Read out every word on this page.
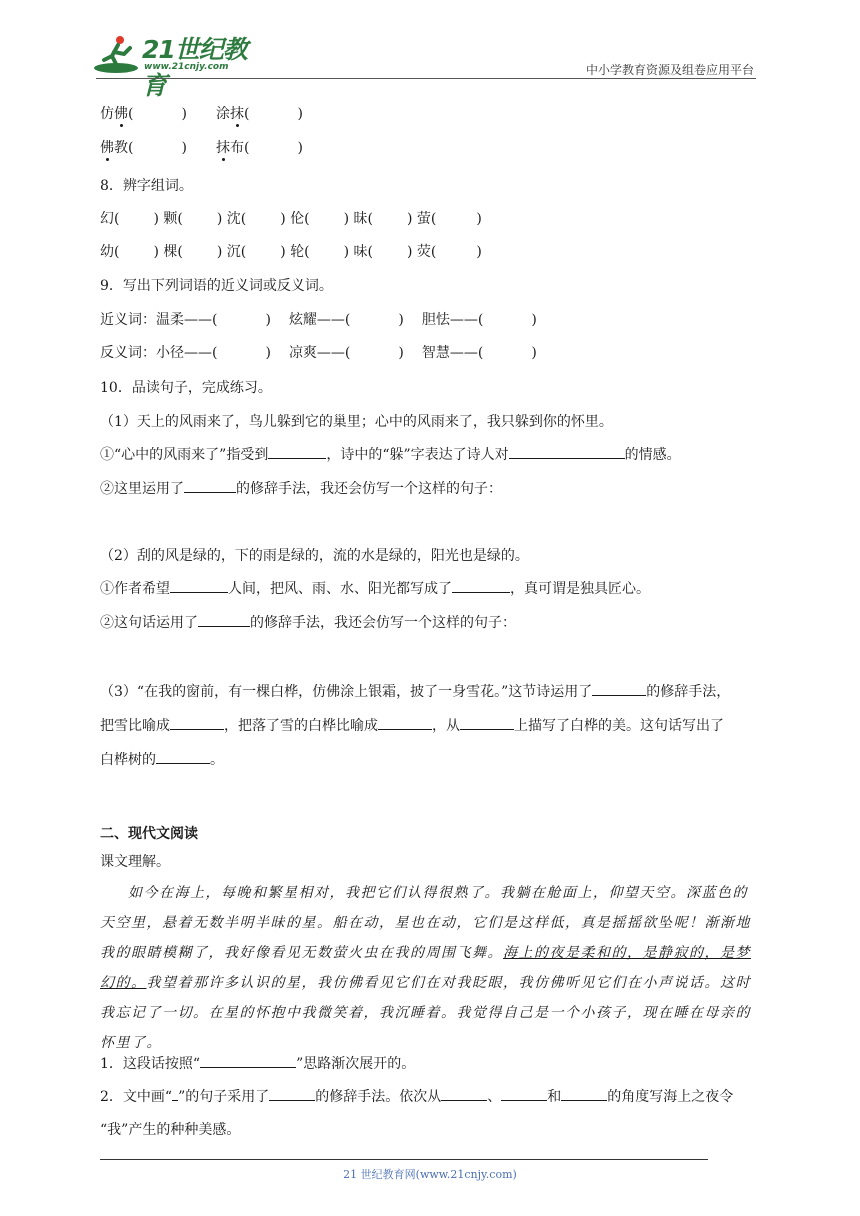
21世纪教育
www.21cnjy.com	中小学教育资源及组卷应用平台
仿佛(	) 涂抹(	)
佛教(	) 抹布(	)
8．辨字组词。
幻( ) 颗( ) 沈( ) 伦( ) 昧( ) 萤(	)
幼( ) 棵( ) 沉( ) 轮( ) 味( ) 荧(	)
9．写出下列词语的近义词或反义词。
近义词：温柔——(	) 炫耀——(	) 胆怯——(	)
反义词：小径——(	) 凉爽——(	) 智慧——(	)
10．品读句子，完成练习。
（1）天上的风雨来了，鸟儿躲到它的巢里；心中的风雨来了，我只躲到你的怀里。
①“心中的风雨来了”指受到	，诗中的“躲”字表达了诗人对	的情感。
②这里运用了	的修辞手法，我还会仿写一个这样的句子：
（2）刮的风是绿的，下的雨是绿的，流的水是绿的，阳光也是绿的。
①作者希望	人间，把风、雨、水、阳光都写成了	，真可谓是独具匠心。
②这句话运用了	的修辞手法，我还会仿写一个这样的句子：
（3）“在我的窗前，有一棵白桦，仿佛涂上银霜，披了一身雪花。”这节诗运用了	的修辞手法，
把雪比喻成	，把落了雪的白桦比喻成	，从	上描写了白桦的美。这句话写出了
白桦树的	。
二、现代文阅读
课文理解。
如今在海上，每晚和繁星相对，我把它们认得很熟了。我躺在舱面上，仰望天空。深蓝色的天空里，悬着无数半明半昧的星。船在动，星也在动，它们是这样低，真是摇摇欲坠呢！渐渐地我的眼睛模糊了，我好像看见无数萤火虫在我的周围飞舞。海上的夜是柔和的，是静寂的，是梦幻的。我望着那许多认识的星，我仿佛看见它们在对我眨眼，我仿佛听见它们在小声说话。这时我忘记了一切。在星的怀抱中我微笑着，我沉睡着。我觉得自己是一个小孩子，现在睡在母亲的怀里了。
1．这段话按照“	”思路渐次展开的。
2．文中画“ ”的句子采用了	的修辞手法。依次从	、	和	的角度写海上之夜令
“我”产生的种种美感。
21 世纪教育网(www.21cnjy.com)
